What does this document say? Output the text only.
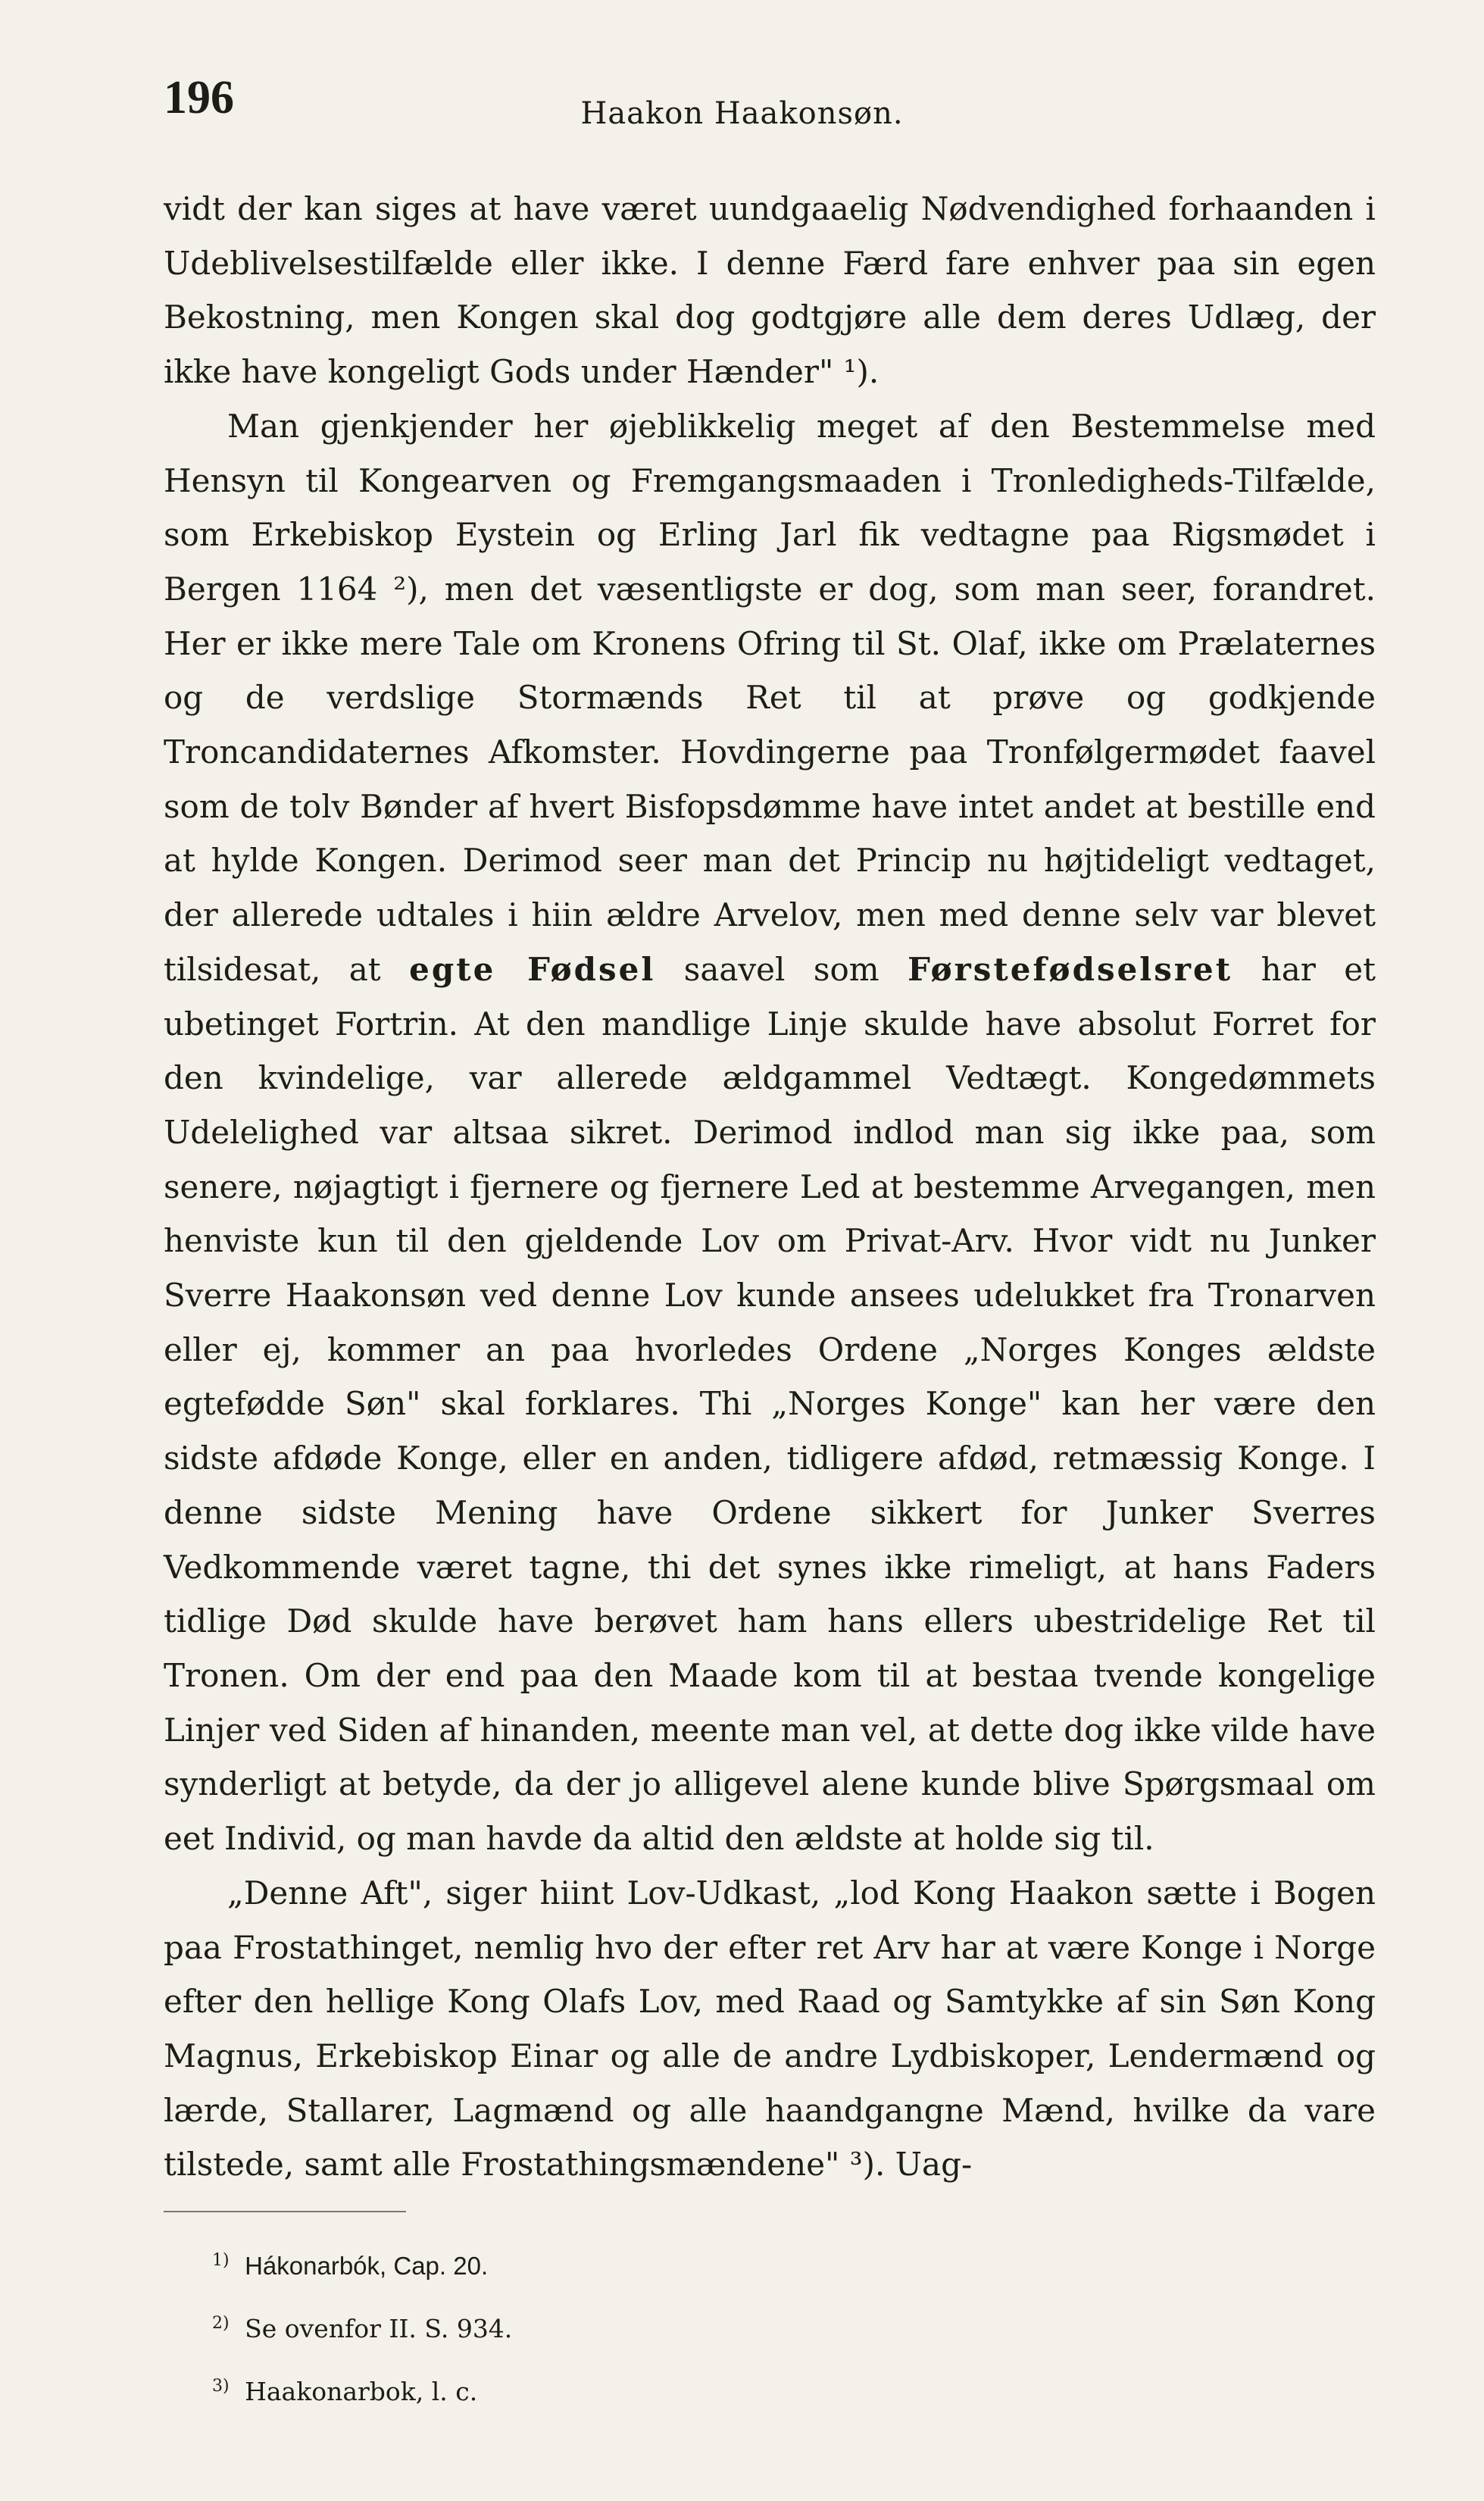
196	Haakon Haakonsøn.

vidt der kan siges at have været uundgaaelig Nødvendighed forhaanden i Udeblivelsestilfælde eller ikke. I denne Færd fare enhver paa sin egen Bekostning, men Kongen skal dog godtgjøre alle dem deres Udlæg, der ikke have kongeligt Gods under Hænder" ¹).

Man gjenkjender her øjeblikkelig meget af den Bestemmelse med Hensyn til Kongearven og Fremgangsmaaden i Tronledigheds-Tilfælde, som Erkebiskop Eystein og Erling Jarl fik vedtagne paa Rigsmødet i Bergen 1164 ²), men det væsentligste er dog, som man seer, forandret. Her er ikke mere Tale om Kronens Ofring til St. Olaf, ikke om Prælaternes og de verdslige Stormænds Ret til at prøve og godkjende Troncandidaternes Afkomster. Hovdingerne paa Tronfølgermødet faavel som de tolv Bønder af hvert Bisfopsdømme have intet andet at bestille end at hylde Kongen. Derimod seer man det Princip nu højtideligt vedtaget, der allerede udtales i hiin ældre Arvelov, men med denne selv var blevet tilsidesat, at egte Fødsel saavel som Førstefødselsret har et ubetinget Fortrin. At den mandlige Linje skulde have absolut Forret for den kvindelige, var allerede ældgammel Vedtægt. Kongedømmets Udelelighed var altsaa sikret. Derimod indlod man sig ikke paa, som senere, nøjagtigt i fjernere og fjernere Led at bestemme Arvegangen, men henviste kun til den gjeldende Lov om Privat-Arv. Hvor vidt nu Junker Sverre Haakonsøn ved denne Lov kunde ansees udelukket fra Tronarven eller ej, kommer an paa hvorledes Ordene „Norges Konges ældste egtefødde Søn" skal forklares. Thi „Norges Konge" kan her være den sidste afdøde Konge, eller en anden, tidligere afdød, retmæssig Konge. I denne sidste Mening have Ordene sikkert for Junker Sverres Vedkommende været tagne, thi det synes ikke rimeligt, at hans Faders tidlige Død skulde have berøvet ham hans ellers ubestridelige Ret til Tronen. Om der end paa den Maade kom til at bestaa tvende kongelige Linjer ved Siden af hinanden, meente man vel, at dette dog ikke vilde have synderligt at betyde, da der jo alligevel alene kunde blive Spørgsmaal om eet Individ, og man havde da altid den ældste at holde sig til.

„Denne Aft", siger hiint Lov-Udkast, „lod Kong Haakon sætte i Bogen paa Frostathinget, nemlig hvo der efter ret Arv har at være Konge i Norge efter den hellige Kong Olafs Lov, med Raad og Samtykke af sin Søn Kong Magnus, Erkebiskop Einar og alle de andre Lydbiskoper, Lendermænd og lærde, Stallarer, Lagmænd og alle haandgangne Mænd, hvilke da vare tilstede, samt alle Frostathingsmændene" ³). Uag-

$^{1)}$ Hákonarbók, Cap. 20.
$^{2)}$ Se ovenfor II. S. 934.
$^{3)}$ Haakonarbok, l. c.
